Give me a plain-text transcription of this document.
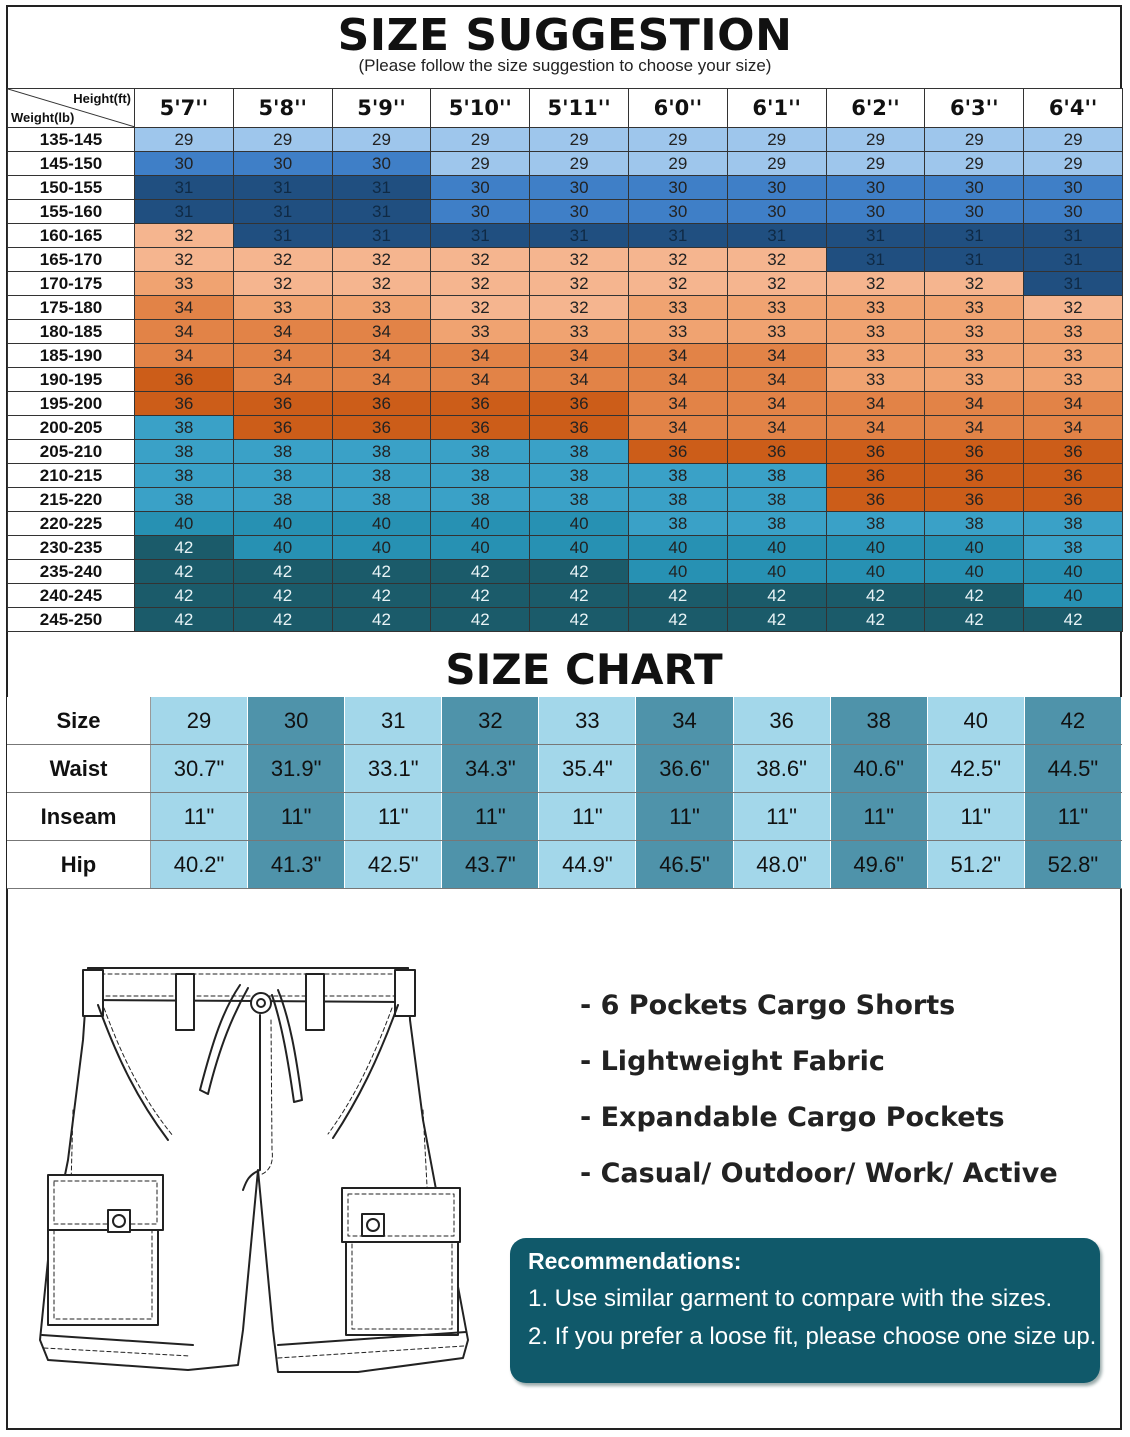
SIZE SUGGESTION
(Please follow the size suggestion to choose your size)
Height(ft)
Weight(lb)	5'7''	5'8''	5'9''	5'10''	5'11''	6'0''	6'1''	6'2''	6'3''	6'4''
135-145	29	29	29	29	29	29	29	29	29	29
145-150	30	30	30	29	29	29	29	29	29	29
150-155	31	31	31	30	30	30	30	30	30	30
155-160	31	31	31	30	30	30	30	30	30	30
160-165	32	31	31	31	31	31	31	31	31	31
165-170	32	32	32	32	32	32	32	31	31	31
170-175	33	32	32	32	32	32	32	32	32	31
175-180	34	33	33	32	32	33	33	33	33	32
180-185	34	34	34	33	33	33	33	33	33	33
185-190	34	34	34	34	34	34	34	33	33	33
190-195	36	34	34	34	34	34	34	33	33	33
195-200	36	36	36	36	36	34	34	34	34	34
200-205	38	36	36	36	36	34	34	34	34	34
205-210	38	38	38	38	38	36	36	36	36	36
210-215	38	38	38	38	38	38	38	36	36	36
215-220	38	38	38	38	38	38	38	36	36	36
220-225	40	40	40	40	40	38	38	38	38	38
230-235	42	40	40	40	40	40	40	40	40	38
235-240	42	42	42	42	42	40	40	40	40	40
240-245	42	42	42	42	42	42	42	42	42	40
245-250	42	42	42	42	42	42	42	42	42	42
SIZE CHART
Size	29	30	31	32	33	34	36	38	40	42
Waist	30.7"	31.9"	33.1"	34.3"	35.4"	36.6"	38.6"	40.6"	42.5"	44.5"
Inseam	11"	11"	11"	11"	11"	11"	11"	11"	11"	11"
Hip	40.2"	41.3"	42.5"	43.7"	44.9"	46.5"	48.0"	49.6"	51.2"	52.8"
- 6 Pockets Cargo Shorts
- Lightweight Fabric
- Expandable Cargo Pockets
- Casual/ Outdoor/ Work/ Active
Recommendations:
1. Use similar garment to compare with the sizes.
2. If you prefer a loose fit, please choose one size up.
